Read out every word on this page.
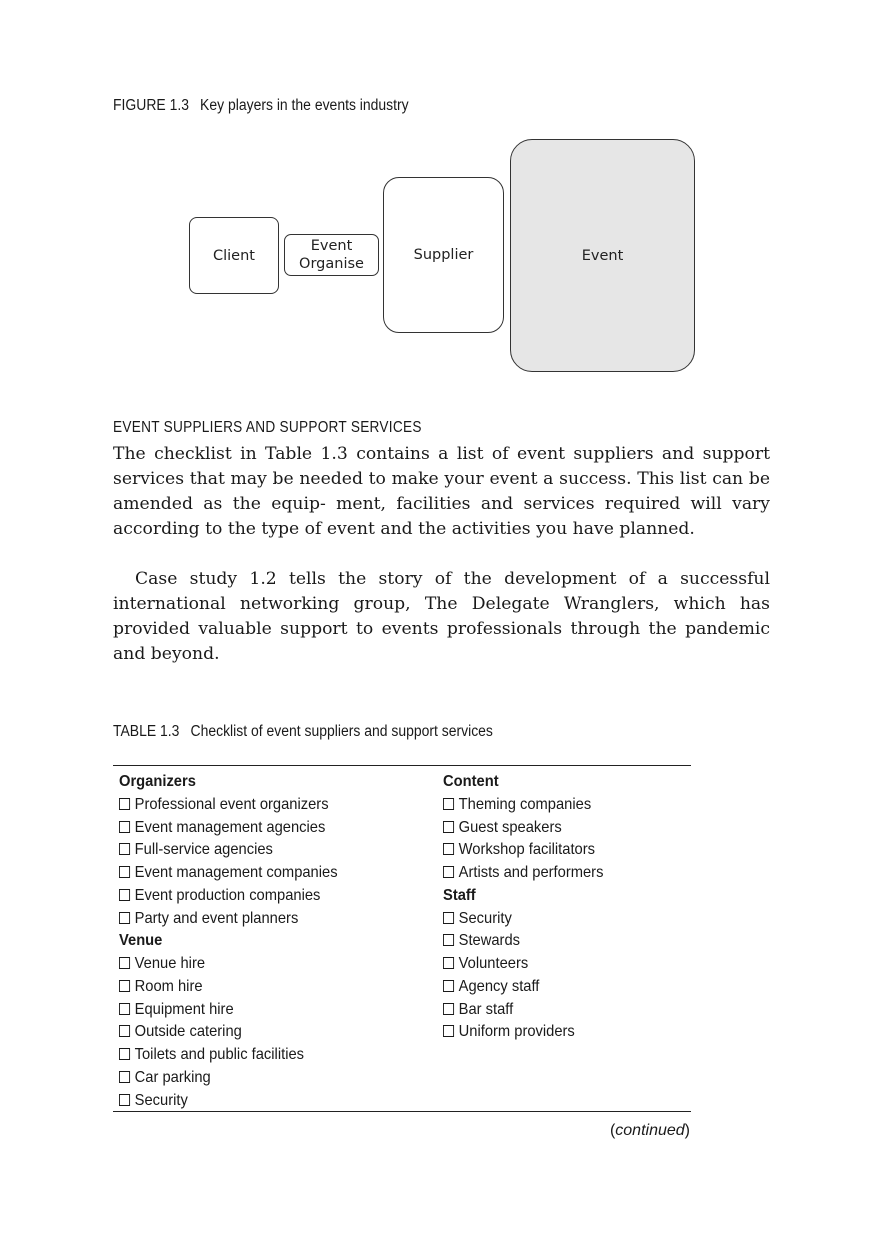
FIGURE 1.3 Key players in the events industry
Client
Event
Organise
Supplier	Event
EVENT SUPPLIERS AND SUPPORT SERVICES

The checklist in Table 1.3 contains a list of event suppliers and support services that may be needed to make your event a success. This list can be amended as the equip- ment, facilities and services required will vary according to the type of event and the activities you have planned.

Case study 1.2 tells the story of the development of a successful international networking group, The Delegate Wranglers, which has provided valuable support to events professionals through the pandemic and beyond.

TABLE 1.3 Checklist of event suppliers and support services
Organizers
Professional event organizers
Event management agencies
Full-service agencies
Event management companies
Event production companies
Party and event planners
Venue
Venue hire
Room hire
Equipment hire
Outside catering
Toilets and public facilities
Car parking
Security
Content
Theming companies
Guest speakers
Workshop facilitators
Artists and performers
Staff
Security
Stewards
Volunteers
Agency staff
Bar staff
Uniform providers
(continued)
